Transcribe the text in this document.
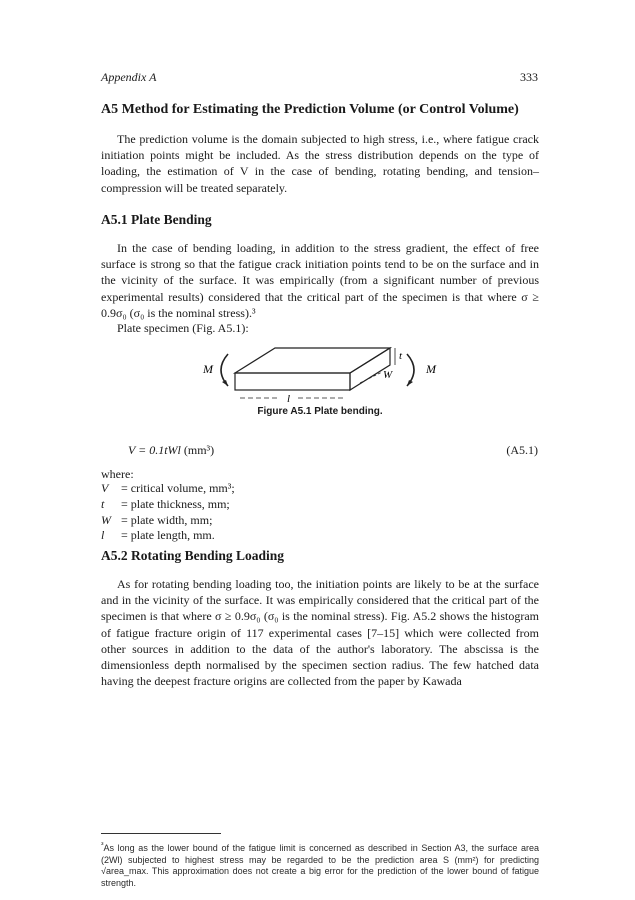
Appendix A	333
A5 Method for Estimating the Prediction Volume (or Control Volume)

The prediction volume is the domain subjected to high stress, i.e., where fatigue crack initiation points might be included. As the stress distribution depends on the type of loading, the estimation of V in the case of bending, rotating bending, and tension–compression will be treated separately.

A5.1 Plate Bending

In the case of bending loading, in addition to the stress gradient, the effect of free surface is strong so that the fatigue crack initiation points tend to be on the surface and in the vicinity of the surface. It was empirically (from a significant number of previous experimental results) considered that the critical part of the specimen is that where σ ≥ 0.9σ₀ (σ₀ is the nominal stress).³

Plate specimen (Fig. A5.1):

M	M
t
W
l
Figure A5.1 Plate bending.
V = 0.1tWl (mm³)	(A5.1)
where:
V	= critical volume, mm³;
t	= plate thickness, mm;
W = plate width, mm;
l	= plate length, mm.
A5.2 Rotating Bending Loading

As for rotating bending loading too, the initiation points are likely to be at the surface and in the vicinity of the surface. It was empirically considered that the critical part of the specimen is that where σ ≥ 0.9σ₀ (σ₀ is the nominal stress). Fig. A5.2 shows the histogram of fatigue fracture origin of 117 experimental cases [7–15] which were collected from other sources in addition to the data of the author's laboratory. The abscissa is the dimensionless depth normalised by the specimen section radius. The few hatched data having the deepest fracture origins are collected from the paper by Kawada

$^{^3}$As long as the lower bound of the fatigue limit is concerned as described in Section A3, the surface area (2Wl) subjected to highest stress may be regarded to be the prediction area S (mm²) for predicting √area_max. This approximation does not create a big error for the prediction of the lower bound of fatigue strength.
